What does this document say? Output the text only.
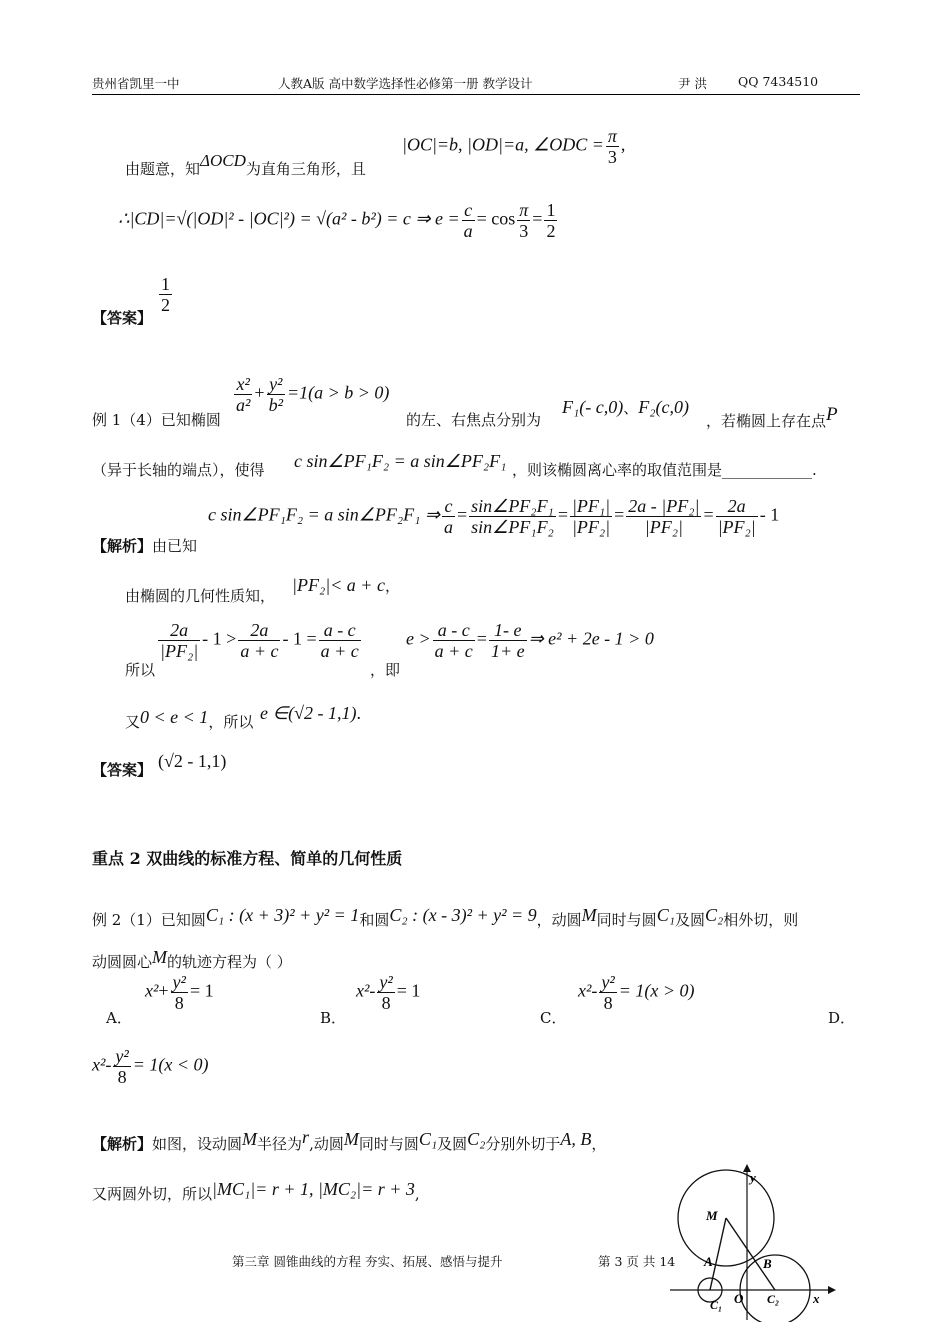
贵州省凯里一中	人教A版 高中数学选择性必修第一册 教学设计	尹 洪 QQ 7434510
由题意，知ΔOCD为直角三角形，且
|OC|=b, |OD|=a, ∠ODC = $\frac{\pi}{3}$ ,
∴|CD|=√(|OD|² - |OC|²) = √(a² - b²) = c ⇒ $e = \frac{c}{a} = \cos \frac{\pi}{3} = \frac{1}{2}$
【答案】
$\frac{1}{2}$
例 1（4）已知椭圆
$\frac{\text{x²}}{\text{a²}} + \frac{\text{y²}}{\text{b²}} =1(a > b > 0)$
的左、右焦点分别为
F₁(- c,0)、F₂(c,0)
，若椭圆上存在点P
（异于长轴的端点），使得 c sin∠PF₁F₂ = a sin∠PF₂F₁ ，则该椭圆离心率的取值范围是____________.
c sin∠PF₁F₂ = a sin∠PF₂F₁ ⇒ $\frac{c}{a} = \frac{\text{sin∠PF₂F₁}}{\text{sin∠PF₁F₂}} = \frac{\text{|PF₁|}}{\text{|PF₂|}} = \frac{\text{2a - |PF₂|}}{\text{|PF₂|}} = \frac{2a}{\text{|PF₂|}} - 1$
【解析】由已知
由椭圆的几何性质知，
|PF₂|< a + c，
所以
$\frac{2a}{\text{|PF₂|}} - 1 > \frac{2a}{a + c} - 1 = \frac{a - c}{a + c}$
，即
$e > \frac{a - c}{a + c} = \frac{1- e}{1+ e}$ ⇒ e² + 2e - 1 > 0
又0 < e < 1，所以 e ∈(√2 - 1,1).
【答案】 (√2 - 1,1)
重点 2 双曲线的标准方程、简单的几何性质
例 2（1）已知圆C₁ : (x + 3)² + y² = 1和圆C₂ : (x - 3)² + y² = 9，动圆M同时与圆C₁及圆C₂相外切，则
动圆圆心M的轨迹方程为（ ）
A．
$x^2+ \frac{\text{y²}}{8} = 1$
B．
$x^2- \frac{\text{y²}}{8} = 1$
C．
$x^2- \frac{\text{y²}}{8} = 1(x > 0)$
D．
$x^2- \frac{\text{y²}}{8} = 1(x < 0)$
【解析】如图，设动圆M半径为r,动圆M同时与圆C₁及圆C₂分别外切于A, B，
又两圆外切，所以|MC₁|= r + 1, |MC₂|= r + 3,
y
x
M
A	B
C₁	C₂
O
第三章 圆锥曲线的方程 夯实、拓展、感悟与提升	第 3 页 共 14
